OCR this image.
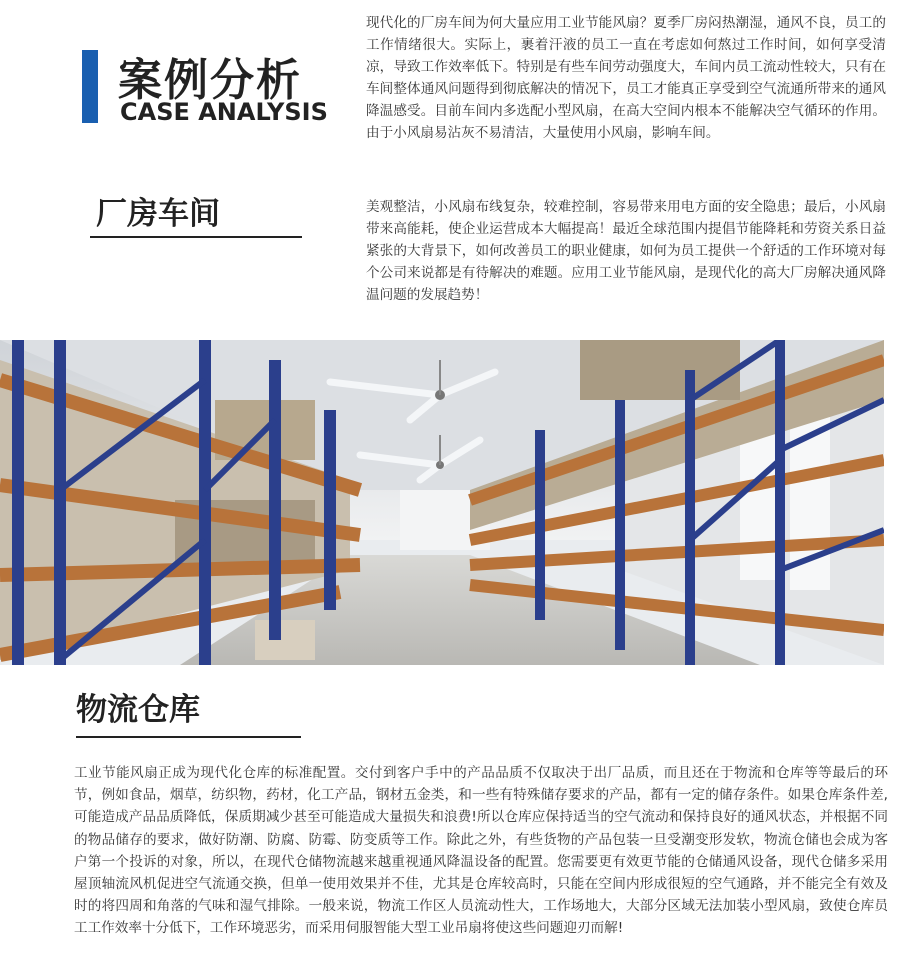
案例分析
CASE ANALYSIS

现代化的厂房车间为何大量应用工业节能风扇？夏季厂房闷热潮湿，通风不良，员工的工作情绪很大。实际上，裹着汗液的员工一直在考虑如何熬过工作时间，如何享受清凉，导致工作效率低下。特别是有些车间劳动强度大，车间内员工流动性较大，只有在车间整体通风问题得到彻底解决的情况下，员工才能真正享受到空气流通所带来的通风降温感受。目前车间内多选配小型风扇，在高大空间内根本不能解决空气循环的作用。由于小风扇易沾灰不易清洁，大量使用小风扇，影响车间。

厂房车间	美观整洁，小风扇布线复杂，较难控制，容易带来用电方面的安全隐患；最后，小风扇带来高能耗，使企业运营成本大幅提高！最近全球范围内提倡节能降耗和劳资关系日益紧张的大背景下，如何改善员工的职业健康，如何为员工提供一个舒适的工作环境对每个公司来说都是有待解决的难题。应用工业节能风扇，是现代化的高大厂房解决通风降温问题的发展趋势！

物流仓库

工业节能风扇正成为现代化仓库的标准配置。交付到客户手中的产品品质不仅取决于出厂品质，而且还在于物流和仓库等等最后的环节，例如食品，烟草，纺织物，药材，化工产品，钢材五金类，和一些有特殊储存要求的产品，都有一定的储存条件。如果仓库条件差,可能造成产品品质降低，保质期减少甚至可能造成大量损失和浪费!所以仓库应保持适当的空气流动和保持良好的通风状态，并根据不同的物品储存的要求，做好防潮、防腐、防霉、防变质等工作。除此之外，有些货物的产品包装一旦受潮变形发软，物流仓储也会成为客户第一个投诉的对象，所以，在现代仓储物流越来越重视通风降温设备的配置。您需要更有效更节能的仓储通风设备，现代仓储多采用屋顶轴流风机促进空气流通交换，但单一使用效果并不佳，尤其是仓库较高时，只能在空间内形成很短的空气通路，并不能完全有效及时的将四周和角落的气味和湿气排除。一般来说，物流工作区人员流动性大，工作场地大，大部分区域无法加装小型风扇，致使仓库员工工作效率十分低下，工作环境恶劣，而采用伺服智能大型工业吊扇将使这些问题迎刃而解!
